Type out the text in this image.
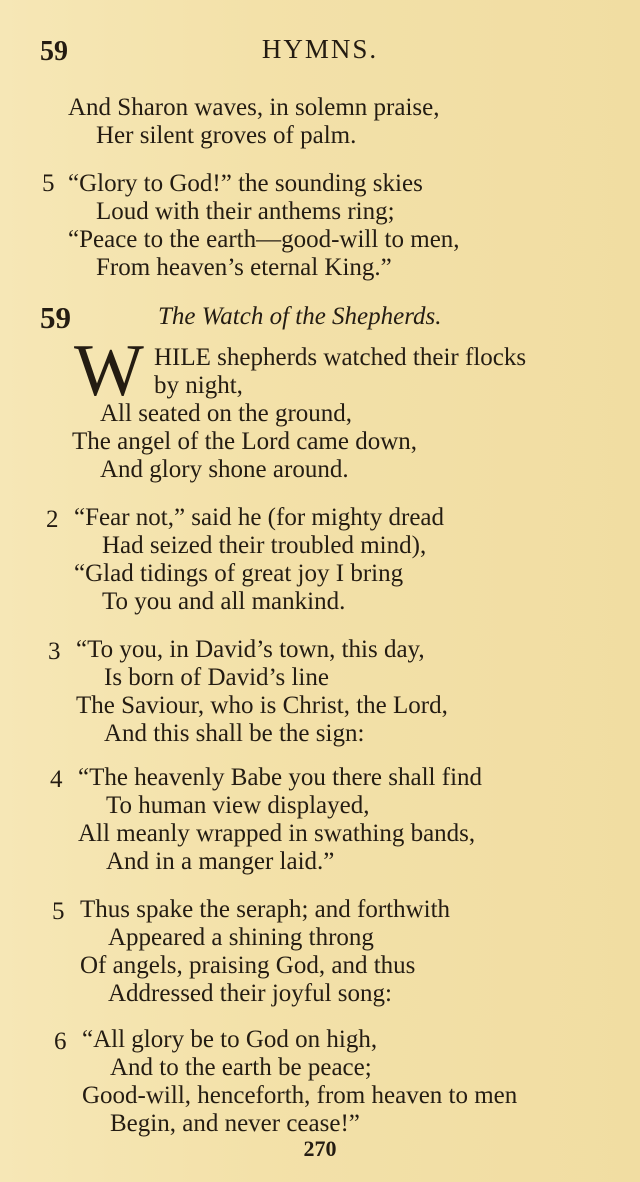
59	HYMNS.
And Sharon waves, in solemn praise,
Her silent groves of palm.
5 “Glory to God!” the sounding skies
Loud with their anthems ring;
“Peace to the earth—good-will to men,
From heaven’s eternal King.”
59	The Watch of the Shepherds.
W HILE shepherds watched their flocks
by night,
All seated on the ground,
The angel of the Lord came down,
And glory shone around.
2 “Fear not,” said he (for mighty dread
Had seized their troubled mind),
“Glad tidings of great joy I bring
To you and all mankind.
3 “To you, in David’s town, this day,
Is born of David’s line
The Saviour, who is Christ, the Lord,
And this shall be the sign:
4 “The heavenly Babe you there shall find
To human view displayed,
All meanly wrapped in swathing bands,
And in a manger laid.”
5 Thus spake the seraph; and forthwith
Appeared a shining throng
Of angels, praising God, and thus
Addressed their joyful song:
6 “All glory be to God on high,
And to the earth be peace;
Good-will, henceforth, from heaven to men
Begin, and never cease!”
270
